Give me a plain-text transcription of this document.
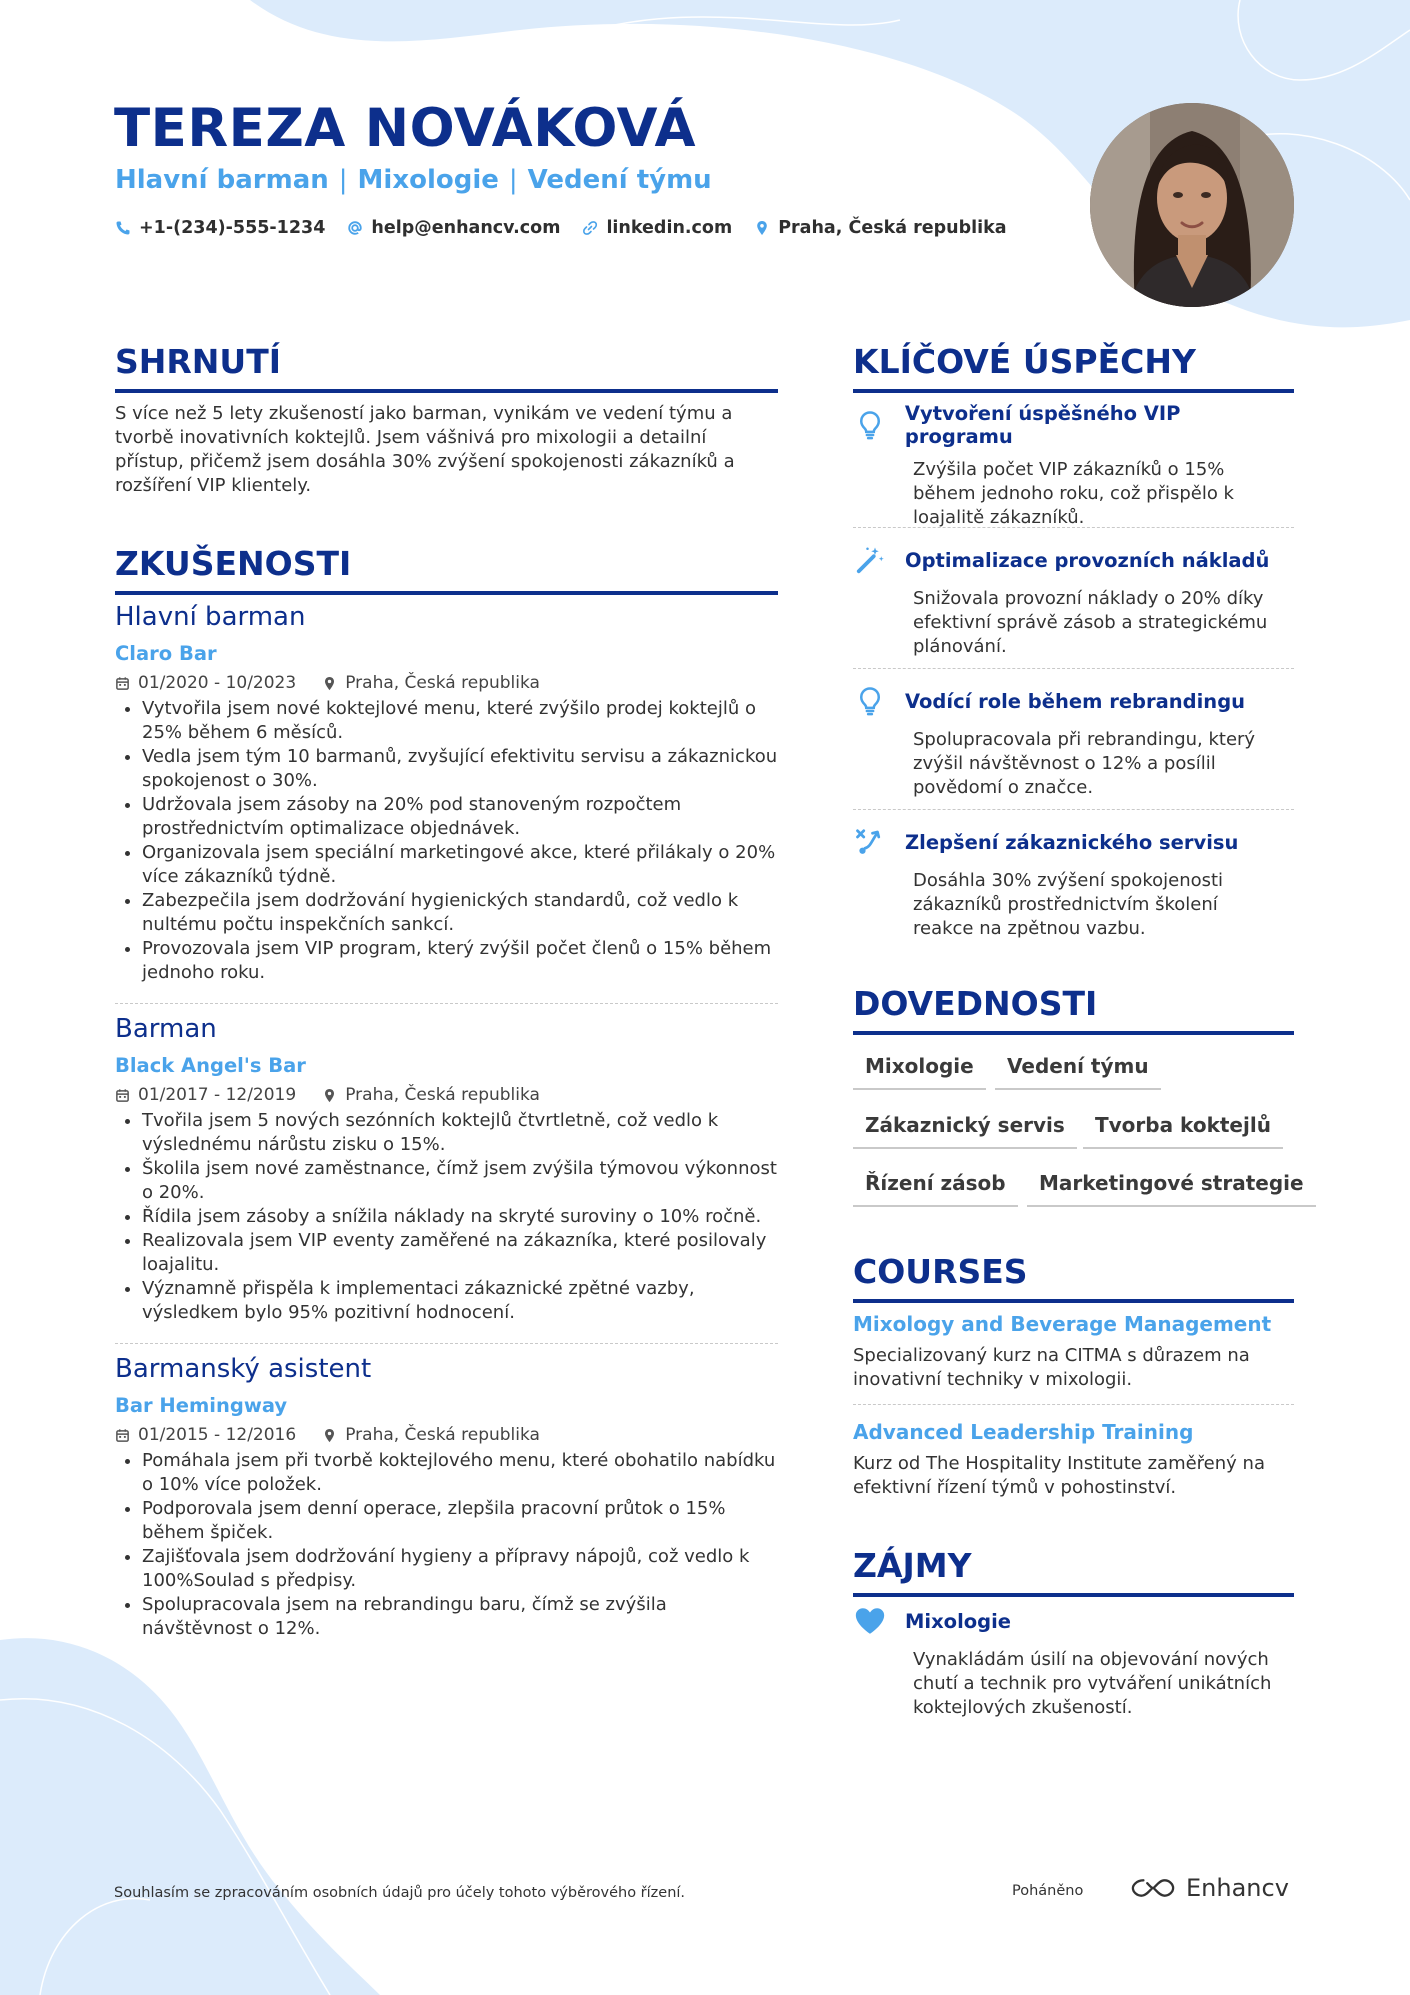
TEREZA NOVÁKOVÁ
Hlavní barman | Mixologie | Vedení týmu
+1-(234)-555-1234	help@enhancv.com	linkedin.com	Praha, Česká republika
SHRNUTÍ
S více než 5 lety zkušeností jako barman, vynikám ve vedení týmu a tvorbě inovativních koktejlů. Jsem vášnivá pro mixologii a detailní přístup, přičemž jsem dosáhla 30% zvýšení spokojenosti zákazníků a rozšíření VIP klientely.
ZKUŠENOSTI
Hlavní barman
Claro Bar
01/2020 - 10/2023	Praha, Česká republika
• Vytvořila jsem nové koktejlové menu, které zvýšilo prodej koktejlů o 25% během 6 měsíců.
• Vedla jsem tým 10 barmanů, zvyšující efektivitu servisu a zákaznickou spokojenost o 30%.
• Udržovala jsem zásoby na 20% pod stanoveným rozpočtem prostřednictvím optimalizace objednávek.
• Organizovala jsem speciální marketingové akce, které přilákaly o 20% více zákazníků týdně.
• Zabezpečila jsem dodržování hygienických standardů, což vedlo k nultému počtu inspekčních sankcí.
• Provozovala jsem VIP program, který zvýšil počet členů o 15% během jednoho roku.
Barman
Black Angel's Bar
01/2017 - 12/2019	Praha, Česká republika
• Tvořila jsem 5 nových sezónních koktejlů čtvrtletně, což vedlo k výslednému nárůstu zisku o 15%.
• Školila jsem nové zaměstnance, čímž jsem zvýšila týmovou výkonnost o 20%.
• Řídila jsem zásoby a snížila náklady na skryté suroviny o 10% ročně.
• Realizovala jsem VIP eventy zaměřené na zákazníka, které posilovaly loajalitu.
• Významně přispěla k implementaci zákaznické zpětné vazby, výsledkem bylo 95% pozitivní hodnocení.
Barmanský asistent
Bar Hemingway
01/2015 - 12/2016	Praha, Česká republika
• Pomáhala jsem při tvorbě koktejlového menu, které obohatilo nabídku o 10% více položek.
• Podporovala jsem denní operace, zlepšila pracovní průtok o 15% během špiček.
• Zajišťovala jsem dodržování hygieny a přípravy nápojů, což vedlo k 100%Soulad s předpisy.
• Spolupracovala jsem na rebrandingu baru, čímž se zvýšila návštěvnost o 12%.
KLÍČOVÉ ÚSPĚCHY
Vytvoření úspěšného VIP programu
Zvýšila počet VIP zákazníků o 15% během jednoho roku, což přispělo k loajalitě zákazníků.
Optimalizace provozních nákladů
Snižovala provozní náklady o 20% díky efektivní správě zásob a strategickému plánování.
Vodící role během rebrandingu
Spolupracovala při rebrandingu, který zvýšil návštěvnost o 12% a posílil povědomí o značce.
Zlepšení zákaznického servisu
Dosáhla 30% zvýšení spokojenosti zákazníků prostřednictvím školení reakce na zpětnou vazbu.
DOVEDNOSTI
Mixologie	Vedení týmu
Zákaznický servis	Tvorba koktejlů
Řízení zásob	Marketingové strategie
COURSES
Mixology and Beverage Management
Specializovaný kurz na CITMA s důrazem na inovativní techniky v mixologii.
Advanced Leadership Training
Kurz od The Hospitality Institute zaměřený na efektivní řízení týmů v pohostinství.
ZÁJMY
Mixologie
Vynakládám úsilí na objevování nových chutí a technik pro vytváření unikátních koktejlových zkušeností.
Souhlasím se zpracováním osobních údajů pro účely tohoto výběrového řízení.	Poháněno	Enhancv
